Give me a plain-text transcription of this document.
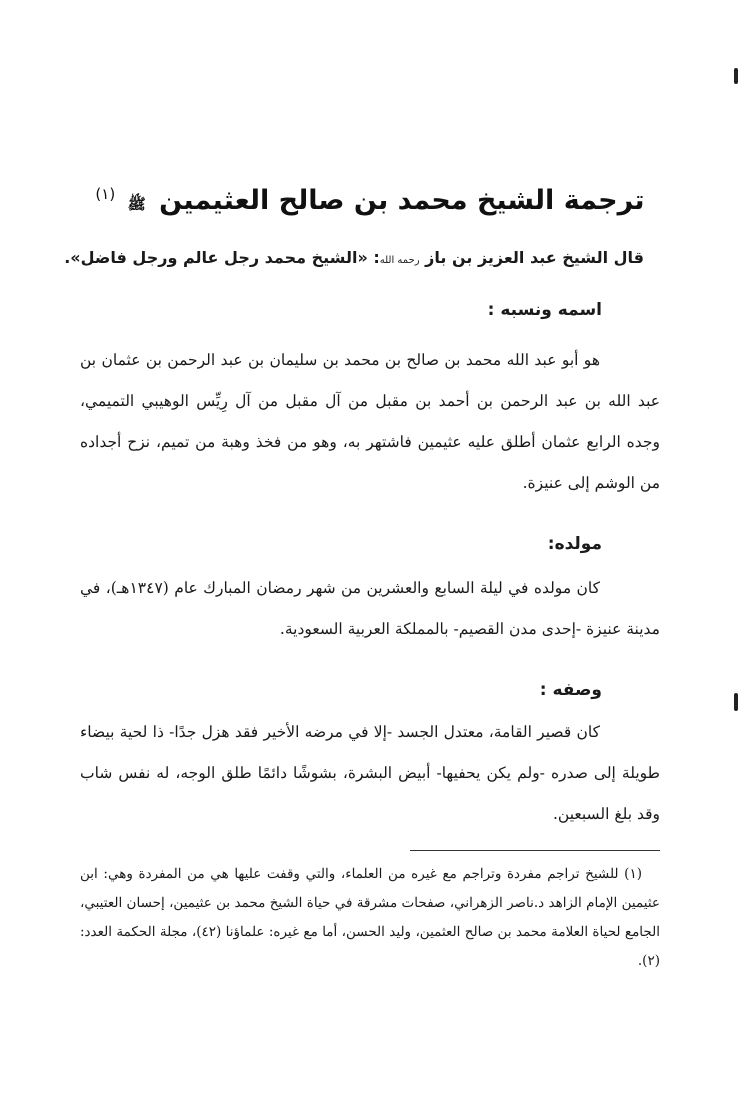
ترجمة الشيخ محمد بن صالح العثيمين ﷺ $^{(١)}$

قال الشيخ عبد العزيز بن باز رحمه الله: «الشيخ محمد رجل عالم ورجل فاضل».

اسمه ونسبه :

هو أبو عبد الله محمد بن صالح بن محمد بن سليمان بن عبد الرحمن بن عثمان بن عبد الله بن عبد الرحمن بن أحمد بن مقبل من آل مقبل من آل رِيِّس الوهيبي التميمي، وجده الرابع عثمان أطلق عليه عثيمين فاشتهر به، وهو من فخذ وهبة من تميم، نزح أجداده من الوشم إلى عنيزة.

مولده:

كان مولده في ليلة السابع والعشرين من شهر رمضان المبارك عام (١٣٤٧هـ)، في مدينة عنيزة -إحدى مدن القصيم- بالمملكة العربية السعودية.

وصفه :

كان قصير القامة، معتدل الجسد -إلا في مرضه الأخير فقد هزل جدًا- ذا لحية بيضاء طويلة إلى صدره -ولم يكن يحفيها- أبيض البشرة، بشوشًا دائمًا طلق الوجه، له نفس شاب وقد بلغ السبعين.

(١) للشيخ تراجم مفردة وتراجم مع غيره من العلماء، والتي وقفت عليها هي من المفردة وهي: ابن عثيمين الإمام الزاهد د.ناصر الزهراني، صفحات مشرقة في حياة الشيخ محمد بن عثيمين، إحسان العتيبي، الجامع لحياة العلامة محمد بن صالح العثمين، وليد الحسن، أما مع غيره: علماؤنا (٤٢)، مجلة الحكمة العدد: (٢).
